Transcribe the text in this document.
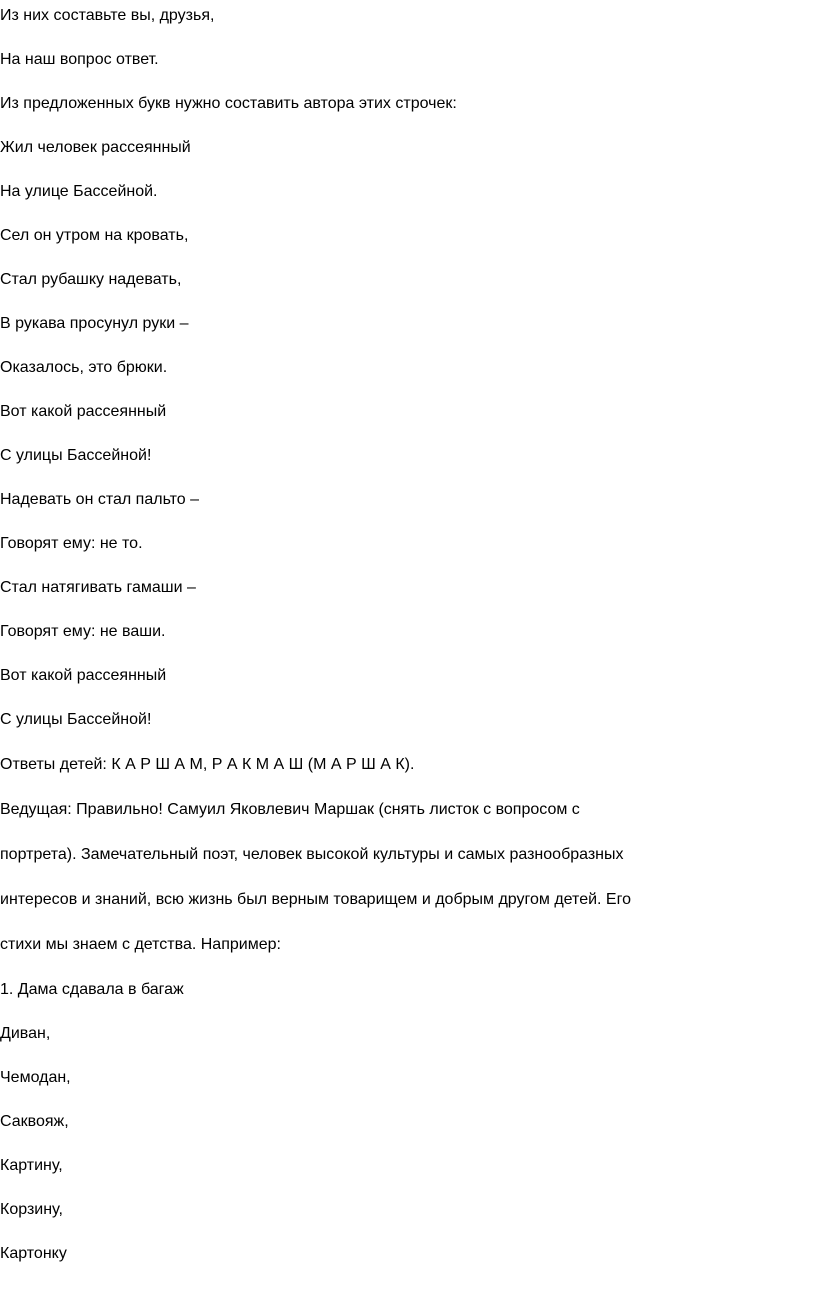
Из них составьте вы, друзья,

На наш вопрос ответ.

Из предложенных букв нужно составить автора этих строчек:

Жил человек рассеянный

На улице Бассейной.

Сел он утром на кровать,

Стал рубашку надевать,

В рукава просунул руки –

Оказалось, это брюки.

Вот какой рассеянный

С улицы Бассейной!

Надевать он стал пальто –

Говорят ему: не то.

Стал натягивать гамаши –

Говорят ему: не ваши.

Вот какой рассеянный

С улицы Бассейной!

Ответы детей: К А Р Ш А М, Р А К М А Ш (М А Р Ш А К).

Ведущая: Правильно! Самуил Яковлевич Маршак (снять листок с вопросом с

портрета). Замечательный поэт, человек высокой культуры и самых разнообразных

интересов и знаний, всю жизнь был верным товарищем и добрым другом детей. Его

стихи мы знаем с детства. Например:

1. Дама сдавала в багаж

Диван,

Чемодан,

Саквояж,

Картину,

Корзину,

Картонку
